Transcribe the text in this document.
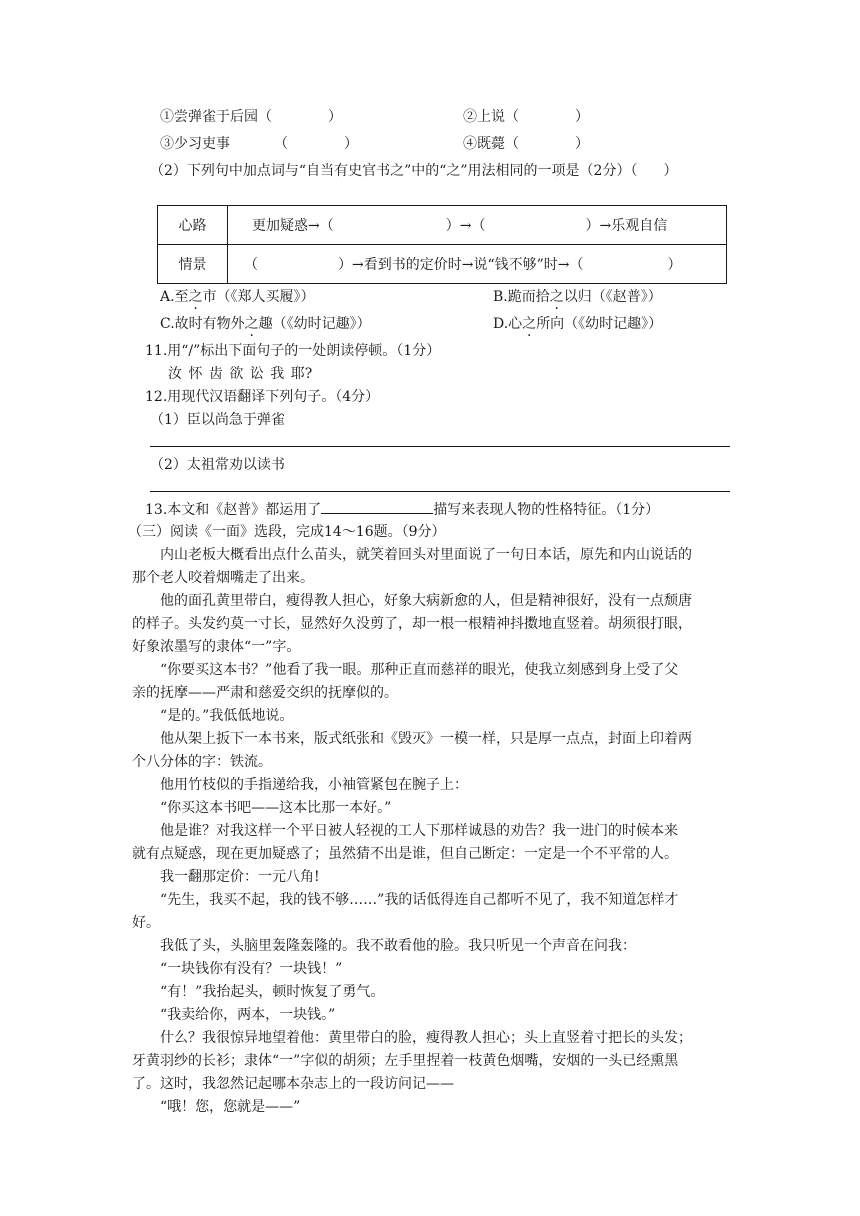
①尝弹雀于后园（	）	②上说（	）
③少习吏事	（	）	④既薨（	）
（2）下列句中加点词与“自当有史官书之”中的“之”用法相同的一项是（2分）（ ）
心路	更加疑惑→（ ）→（ ）→乐观自信
情景	（ ）→看到书的定价时→说“钱不够”时→（ ）
A.至之市（《郑人买履》）	B.跪而拾之以归（《赵普》）
C.故时有物外之趣（《幼时记趣》）	D.心之所向（《幼时记趣》）
11.用“/”标出下面句子的一处朗读停顿。（1分）
汝 怀 齿 欲 讼 我 耶?
12.用现代汉语翻译下列句子。（4分）
（1）臣以尚急于弹雀
（2）太祖常劝以读书
13.本文和《赵普》都运用了	描写来表现人物的性格特征。（1分）
（三）阅读《一面》选段，完成14～16题。（9分）
内山老板大概看出点什么苗头，就笑着回头对里面说了一句日本话，原先和内山说话的
那个老人咬着烟嘴走了出来。
他的面孔黄里带白，瘦得教人担心，好象大病新愈的人，但是精神很好，没有一点颓唐
的样子。头发约莫一寸长，显然好久没剪了，却一根一根精神抖擞地直竖着。胡须很打眼，
好象浓墨写的隶体“一”字。
“你要买这本书？”他看了我一眼。那种正直而慈祥的眼光，使我立刻感到身上受了父
亲的抚摩——严肃和慈爱交织的抚摩似的。
“是的。”我低低地说。
他从架上扳下一本书来，版式纸张和《毁灭》一模一样，只是厚一点点，封面上印着两
个八分体的字：铁流。
他用竹枝似的手指递给我，小袖管紧包在腕子上：
“你买这本书吧——这本比那一本好。”
他是谁？对我这样一个平日被人轻视的工人下那样诚恳的劝告？我一进门的时候本来
就有点疑惑，现在更加疑惑了；虽然猜不出是谁，但自己断定：一定是一个不平常的人。
我一翻那定价：一元八角!
“先生，我买不起，我的钱不够……”我的话低得连自己都听不见了，我不知道怎样才
好。
我低了头，头脑里轰隆轰隆的。我不敢看他的脸。我只听见一个声音在问我：
“一块钱你有没有？一块钱！”
“有！”我抬起头，顿时恢复了勇气。
“我卖给你，两本，一块钱。”
什么？我很惊异地望着他：黄里带白的脸，瘦得教人担心；头上直竖着寸把长的头发；
牙黄羽纱的长衫；隶体“一”字似的胡须；左手里捏着一枝黄色烟嘴，安烟的一头已经熏黑
了。这时，我忽然记起哪本杂志上的一段访问记——
“哦！您，您就是——”
